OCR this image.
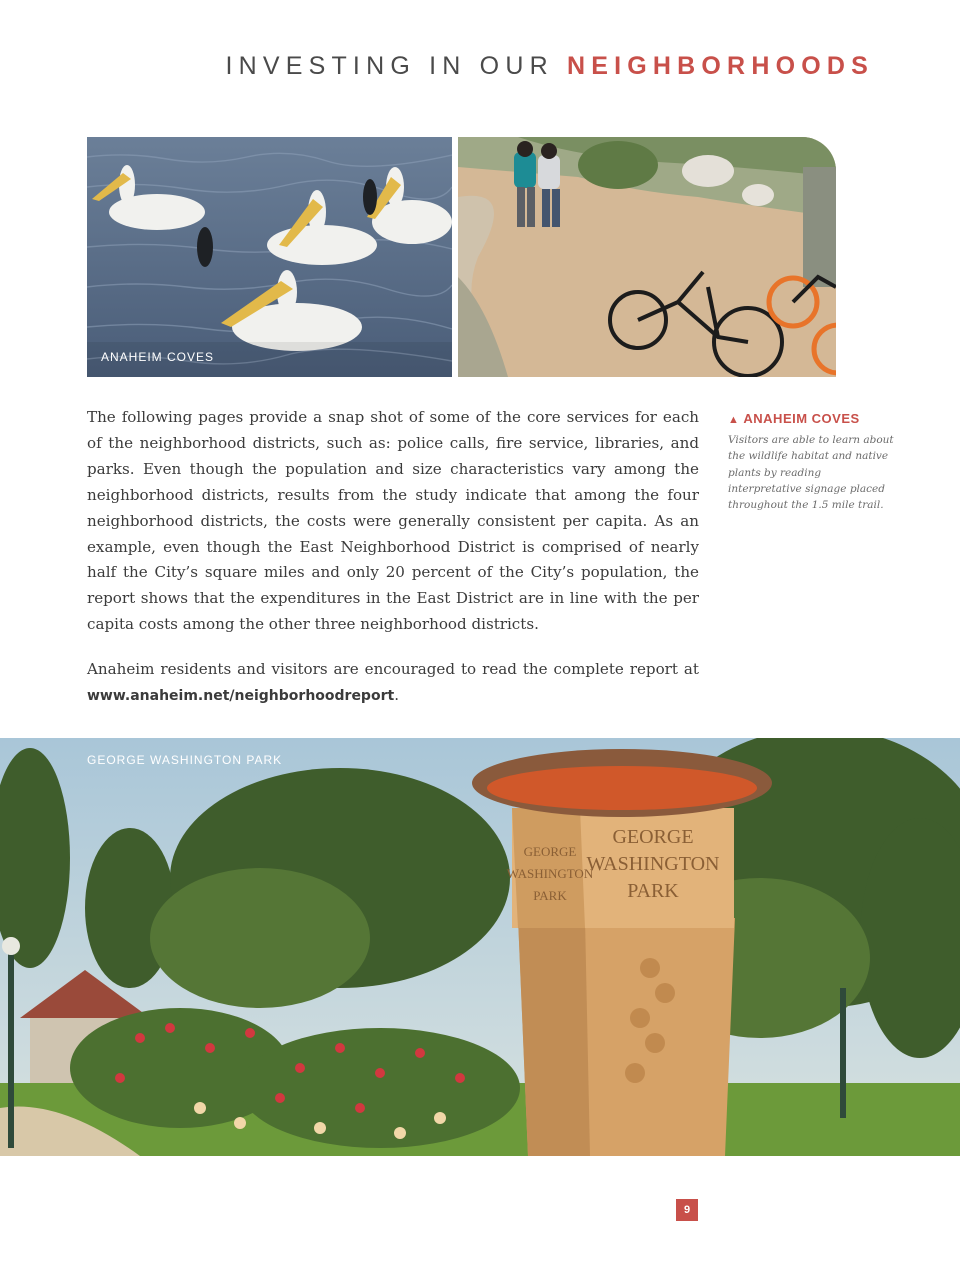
INVESTING IN OUR NEIGHBORHOODS
ANAHEIM COVES

The following pages provide a snap shot of some of the core services for each of the neighborhood districts, such as: police calls, fire service, libraries, and parks. Even though the population and size characteristics vary among the neighborhood districts, results from the study indicate that among the four neighborhood districts, the costs were generally consistent per capita. As an example, even though the East Neighborhood District is comprised of nearly half the City’s square miles and only 20 percent of the City’s population, the report shows that the expenditures in the East District are in line with the per capita costs among the other three neighborhood districts.

Anaheim residents and visitors are encouraged to read the complete report at www.anaheim.net/neighborhoodreport.

▲ ANAHEIM COVES
Visitors are able to learn about the wildlife habitat and native plants by reading interpretative signage placed throughout the 1.5 mile trail.
GEORGE
WASHINGTON
PARK
GEORGE
WASHINGTON
PARK
GEORGE WASHINGTON PARK
9
